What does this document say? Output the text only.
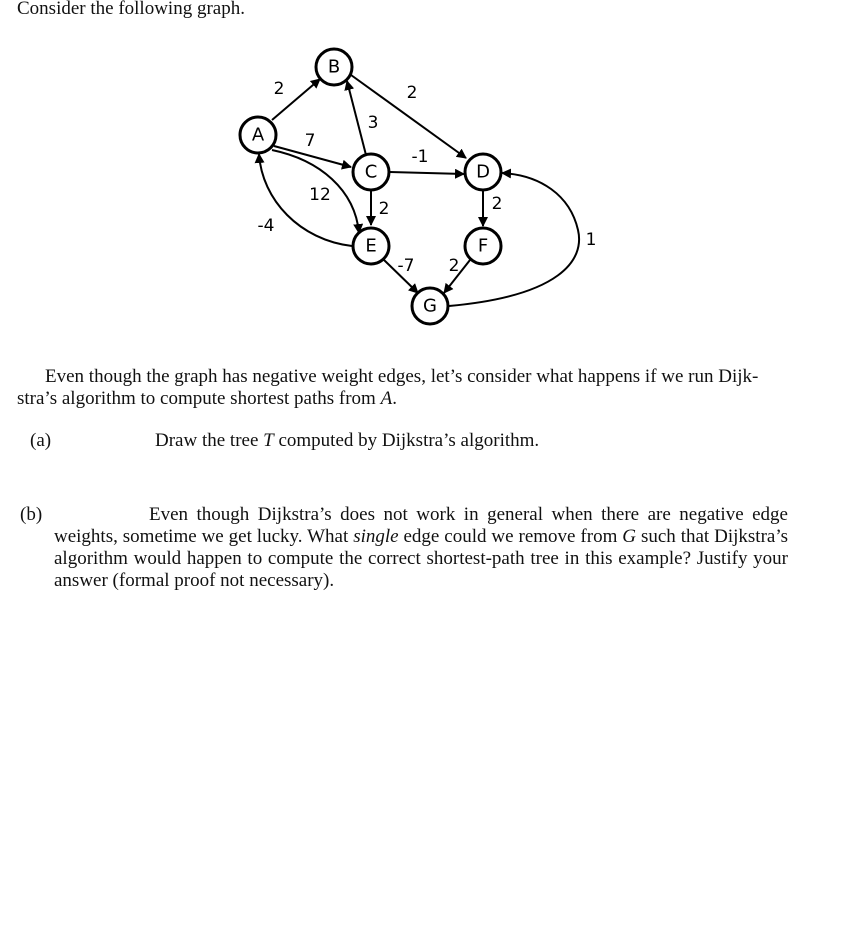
Consider the following graph.

2	2
3
7
-1
12
2
-4
2
-7 2
1
A
B
C	D
E	F
G

Even though the graph has negative weight edges, let’s consider what happens if we run Dijk-
stra’s algorithm to compute shortest paths from A.

(a)	Draw the tree T computed by Dijkstra’s algorithm.
(b)	Even though Dijkstra’s does not work in general when there are negative edge weights, sometime we get lucky. What single edge could we remove from G such that Dijkstra’s algorithm would happen to compute the correct shortest-path tree in this example? Justify your answer (formal proof not necessary).
